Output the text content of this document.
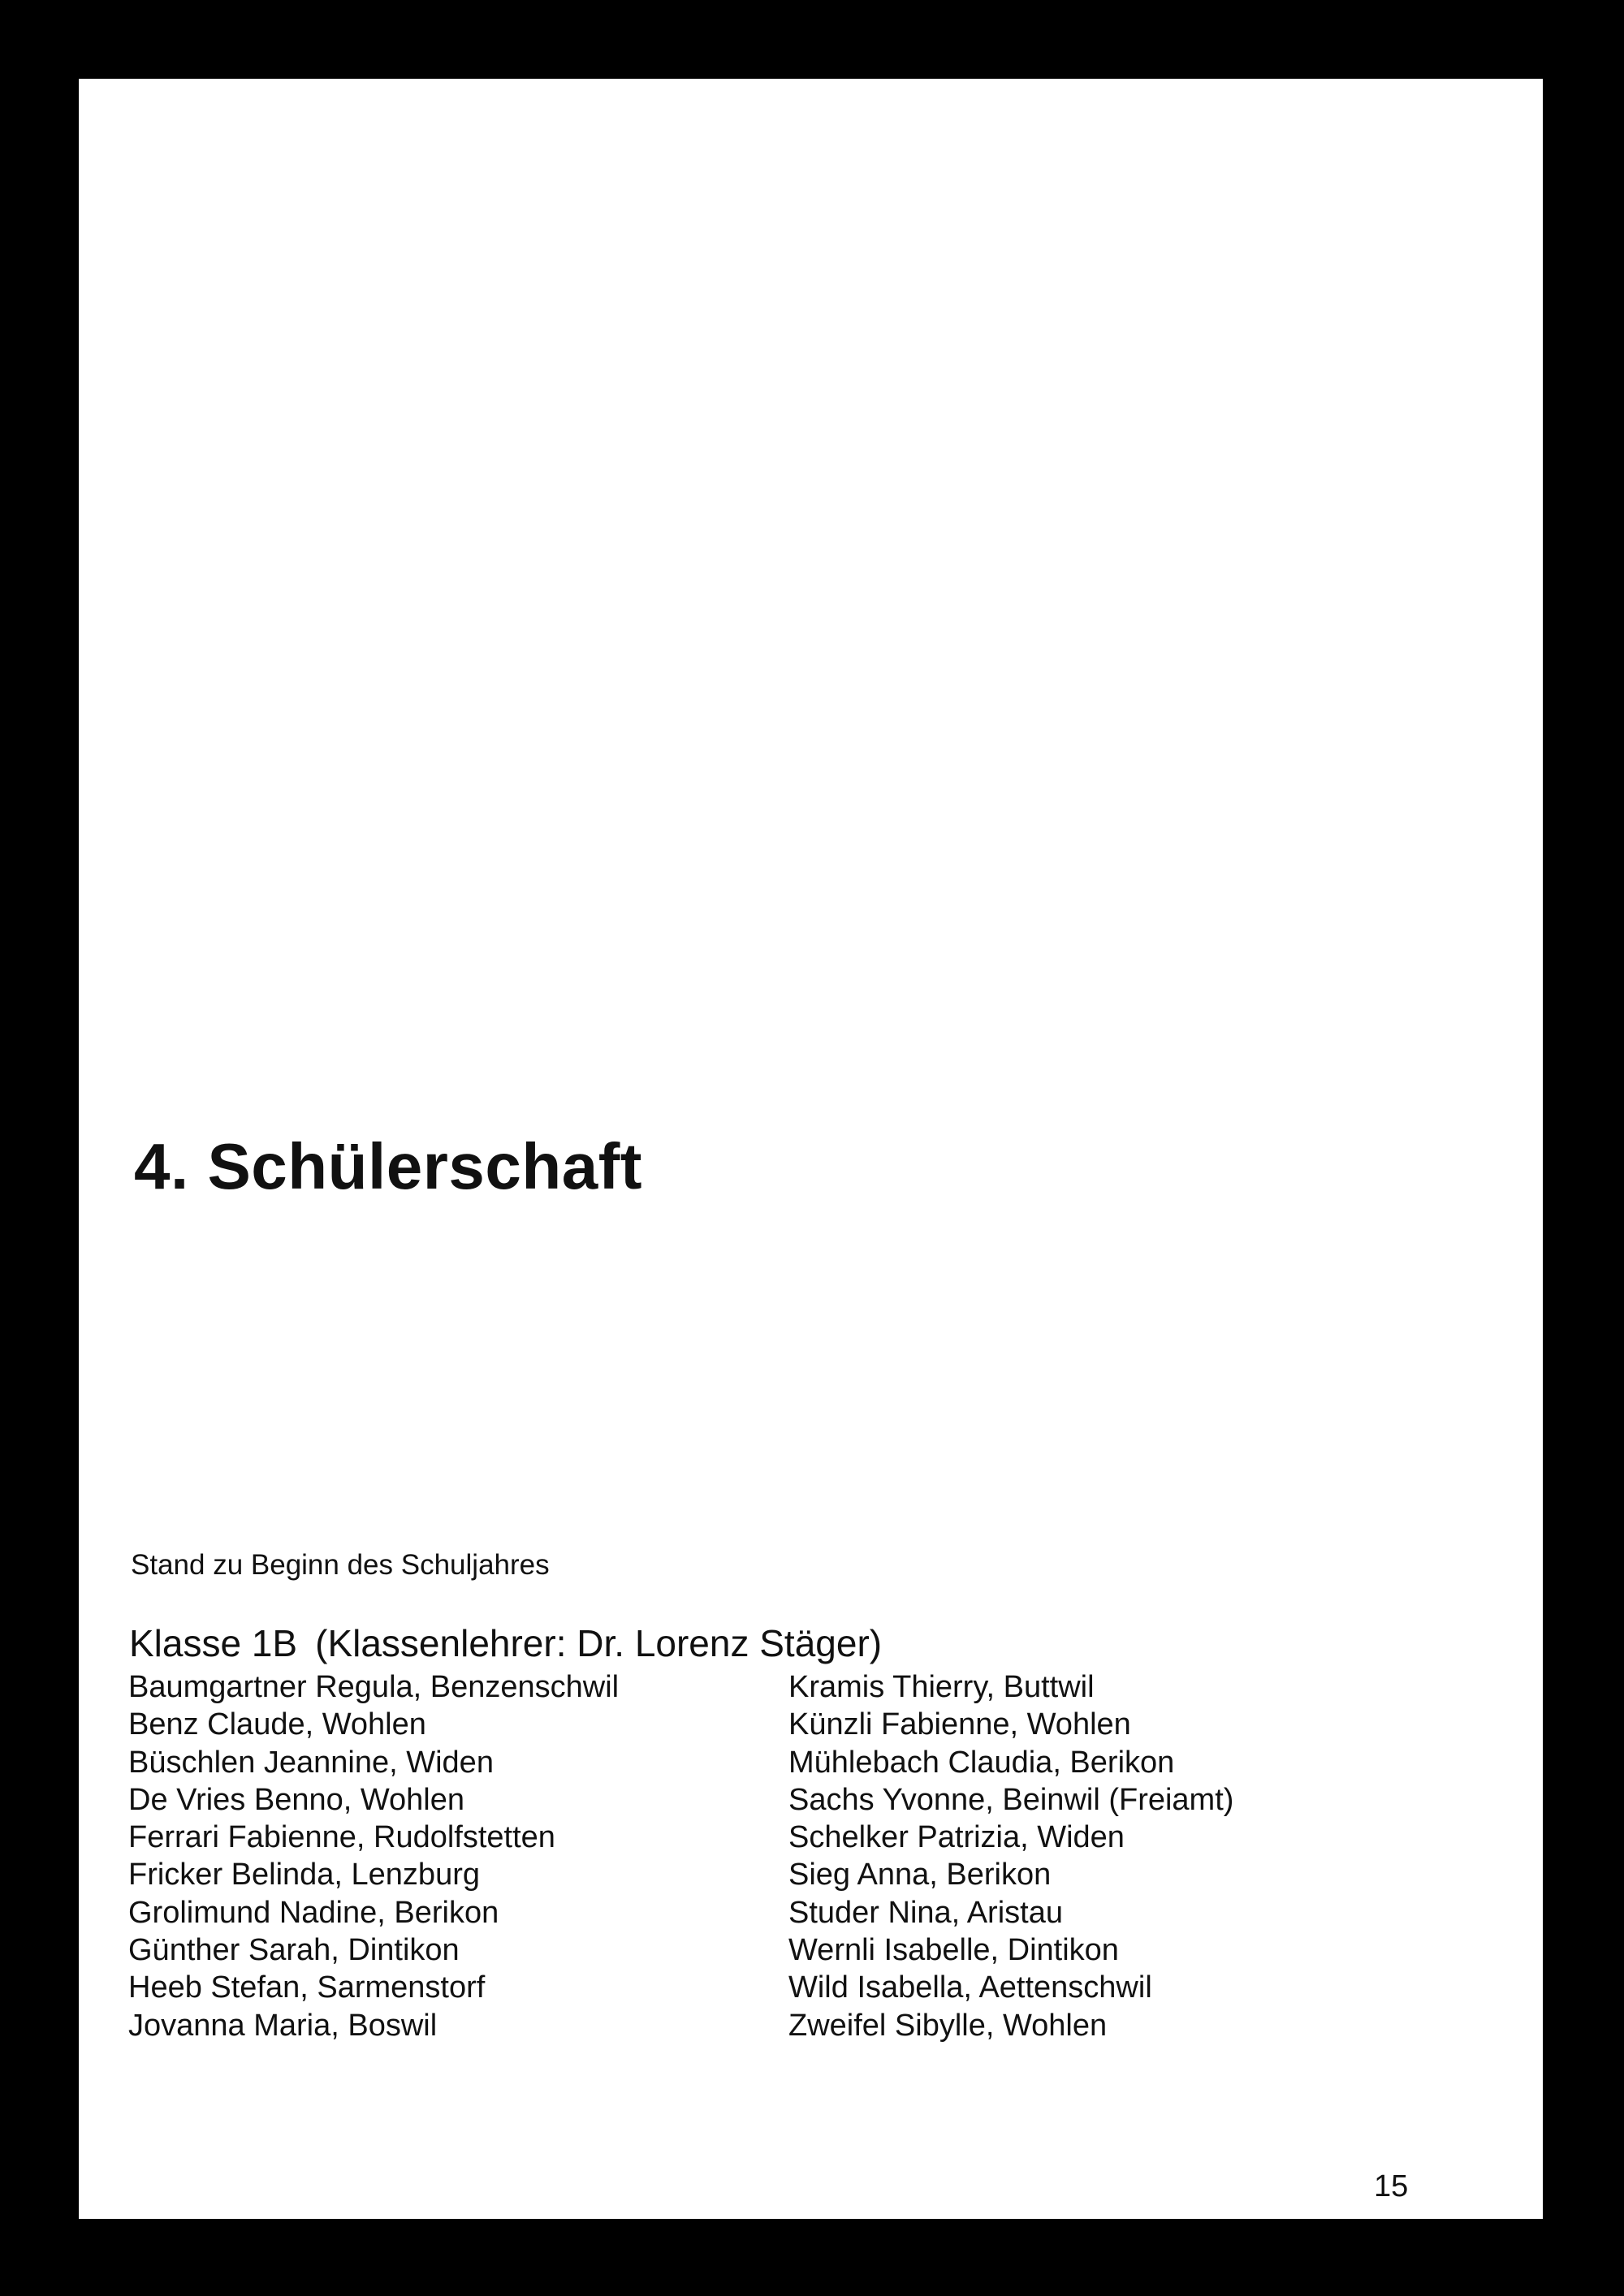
4. Schülerschaft
Stand zu Beginn des Schuljahres
Klasse 1B (Klassenlehrer: Dr. Lorenz Stäger)
Baumgartner Regula, Benzenschwil
Benz Claude, Wohlen
Büschlen Jeannine, Widen
De Vries Benno, Wohlen
Ferrari Fabienne, Rudolfstetten
Fricker Belinda, Lenzburg
Grolimund Nadine, Berikon
Günther Sarah, Dintikon
Heeb Stefan, Sarmenstorf
Jovanna Maria, Boswil
Kramis Thierry, Buttwil
Künzli Fabienne, Wohlen
Mühlebach Claudia, Berikon
Sachs Yvonne, Beinwil (Freiamt)
Schelker Patrizia, Widen
Sieg Anna, Berikon
Studer Nina, Aristau
Wernli Isabelle, Dintikon
Wild Isabella, Aettenschwil
Zweifel Sibylle, Wohlen
15
